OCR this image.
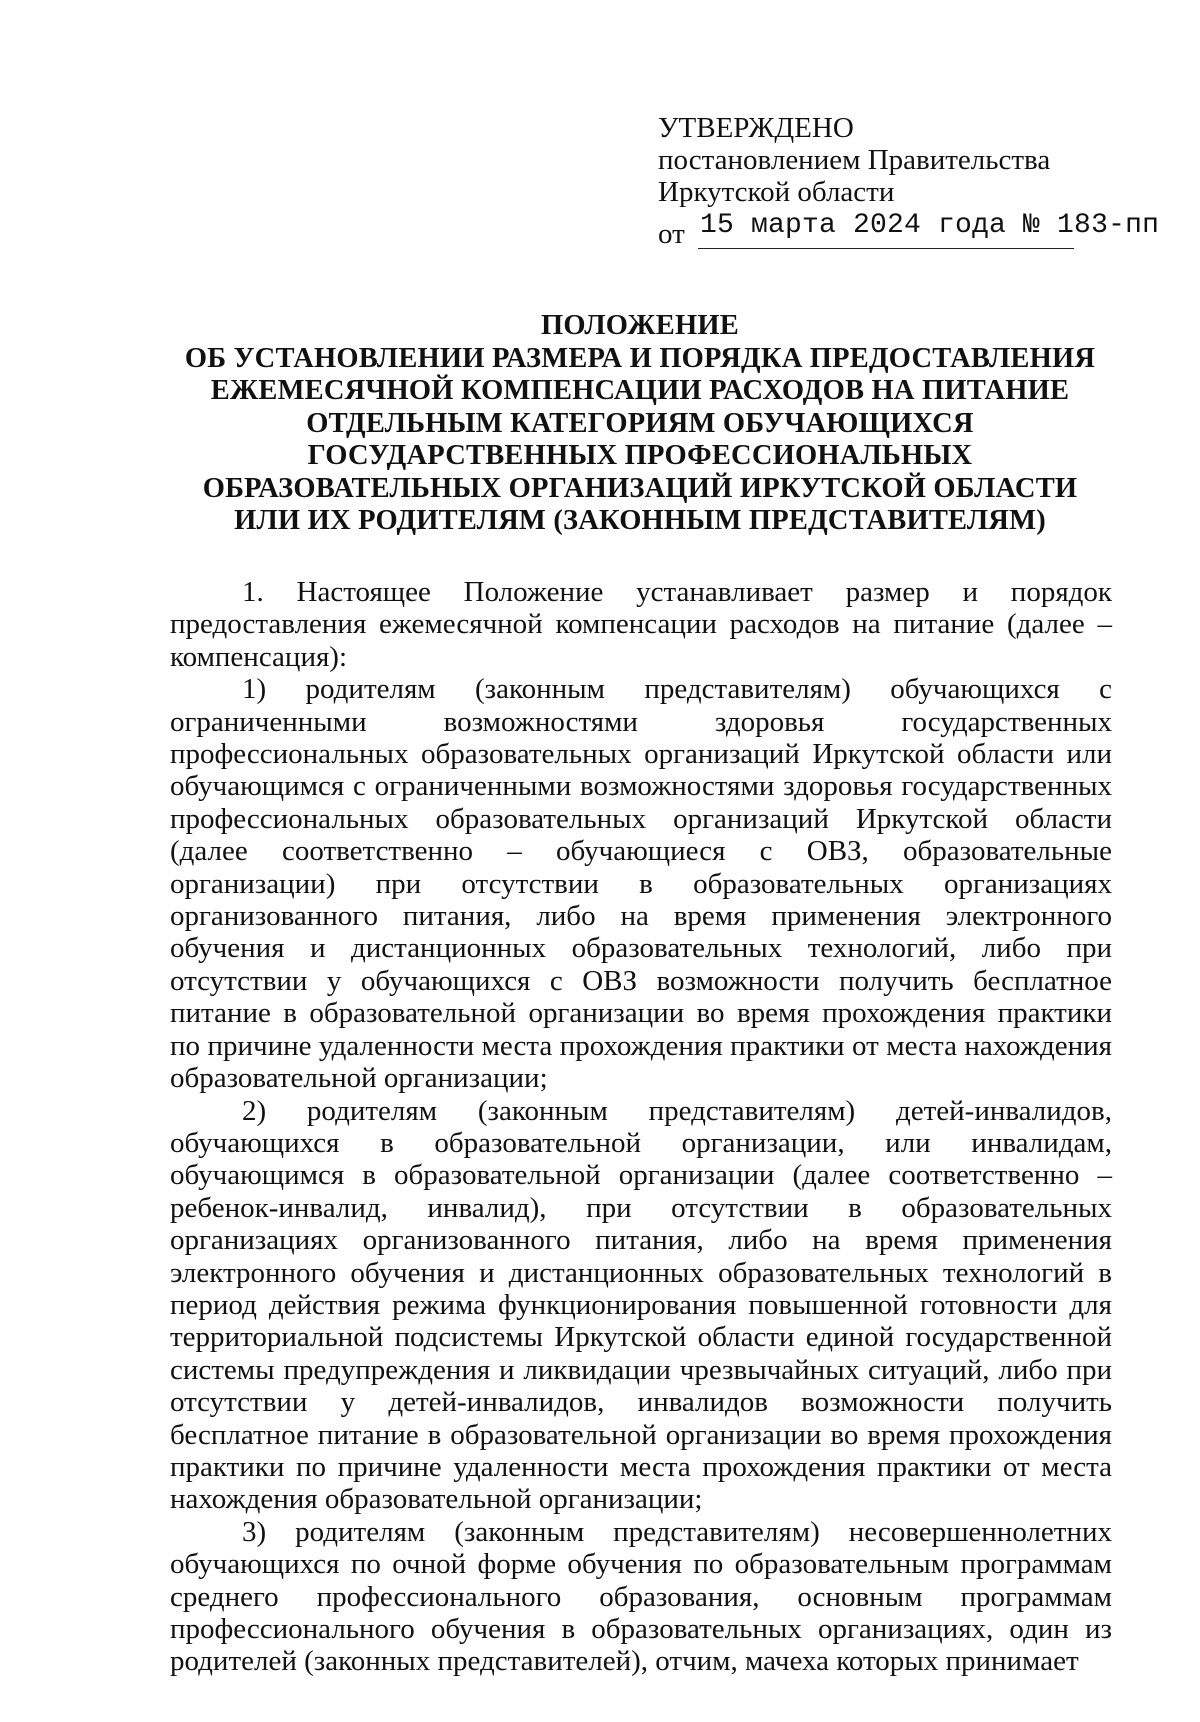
УТВЕРЖДЕНО
постановлением Правительства
Иркутской области
от 15 марта 2024 года № 183-пп
ПОЛОЖЕНИЕ
ОБ УСТАНОВЛЕНИИ РАЗМЕРА И ПОРЯДКА ПРЕДОСТАВЛЕНИЯ
ЕЖЕМЕСЯЧНОЙ КОМПЕНСАЦИИ РАСХОДОВ НА ПИТАНИЕ
ОТДЕЛЬНЫМ КАТЕГОРИЯМ ОБУЧАЮЩИХСЯ
ГОСУДАРСТВЕННЫХ ПРОФЕССИОНАЛЬНЫХ
ОБРАЗОВАТЕЛЬНЫХ ОРГАНИЗАЦИЙ ИРКУТСКОЙ ОБЛАСТИ
ИЛИ ИХ РОДИТЕЛЯМ (ЗАКОННЫМ ПРЕДСТАВИТЕЛЯМ)

1. Настоящее Положение устанавливает размер и порядок предоставления ежемесячной компенсации расходов на питание (далее – компенсация):

1) родителям (законным представителям) обучающихся с ограниченными возможностями здоровья государственных профессиональных образовательных организаций Иркутской области или обучающимся с ограниченными возможностями здоровья государственных профессиональных образовательных организаций Иркутской области (далее соответственно – обучающиеся с ОВЗ, образовательные организации) при отсутствии в образовательных организациях организованного питания, либо на время применения электронного обучения и дистанционных образовательных технологий, либо при отсутствии у обучающихся с ОВЗ возможности получить бесплатное питание в образовательной организации во время прохождения практики по причине удаленности места прохождения практики от места нахождения образовательной организации;

2) родителям (законным представителям) детей-инвалидов, обучающихся в образовательной организации, или инвалидам, обучающимся в образовательной организации (далее соответственно – ребенок-инвалид, инвалид), при отсутствии в образовательных организациях организованного питания, либо на время применения электронного обучения и дистанционных образовательных технологий в период действия режима функционирования повышенной готовности для территориальной подсистемы Иркутской области единой государственной системы предупреждения и ликвидации чрезвычайных ситуаций, либо при отсутствии у детей-инвалидов, инвалидов возможности получить бесплатное питание в образовательной организации во время прохождения практики по причине удаленности места прохождения практики от места нахождения образовательной организации;

3) родителям (законным представителям) несовершеннолетних обучающихся по очной форме обучения по образовательным программам среднего профессионального образования, основным программам профессионального обучения в образовательных организациях, один из родителей (законных представителей), отчим, мачеха которых принимает
